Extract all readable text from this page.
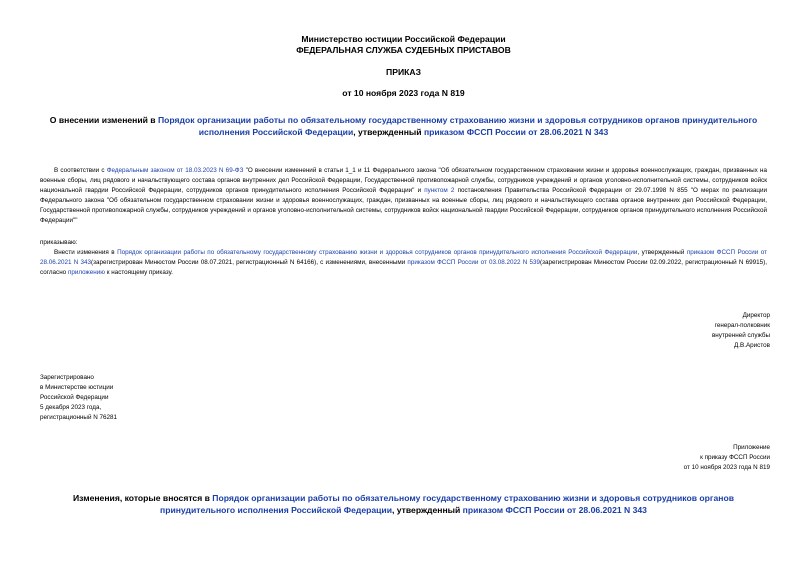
Министерство юстиции Российской Федерации
ФЕДЕРАЛЬНАЯ СЛУЖБА СУДЕБНЫХ ПРИСТАВОВ
ПРИКАЗ
от 10 ноября 2023 года N 819
О внесении изменений в Порядок организации работы по обязательному государственному страхованию жизни и здоровья сотрудников органов принудительного исполнения Российской Федерации, утвержденный приказом ФССП России от 28.06.2021 N 343
В соответствии с Федеральным законом от 18.03.2023 N 69-ФЗ "О внесении изменений в статьи 1_1 и 11 Федерального закона "Об обязательном государственном страховании жизни и здоровья военнослужащих, граждан, призванных на военные сборы, лиц рядового и начальствующего состава органов внутренних дел Российской Федерации, Государственной противопожарной службы, сотрудников учреждений и органов уголовно-исполнительной системы, сотрудников войск национальной гвардии Российской Федерации, сотрудников органов принудительного исполнения Российской Федерации" и пунктом 2 постановления Правительства Российской Федерации от 29.07.1998 N 855 "О мерах по реализации Федерального закона "Об обязательном государственном страховании жизни и здоровья военнослужащих, граждан, призванных на военные сборы, лиц рядового и начальствующего состава органов внутренних дел Российской Федерации, Государственной противопожарной службы, сотрудников учреждений и органов уголовно-исполнительной системы, сотрудников войск национальной гвардии Российской Федерации, сотрудников органов принудительного исполнения Российской Федерации""
приказываю:
Внести изменения в Порядок организации работы по обязательному государственному страхованию жизни и здоровья сотрудников органов принудительного исполнения Российской Федерации, утвержденный приказом ФССП России от 28.06.2021 N 343(зарегистрирован Минюстом России 08.07.2021, регистрационный N 64166), с изменениями, внесенными приказом ФССП России от 03.08.2022 N 539(зарегистрирован Минюстом России 02.09.2022, регистрационный N 69915), согласно приложению к настоящему приказу.
Директор
генерал-полковник
внутренней службы
Д.В.Аристов
Зарегистрировано
в Министерстве юстиции
Российской Федерации
5 декабря 2023 года,
регистрационный N 76281
Приложение
к приказу ФССП России
от 10 ноября 2023 года N 819
Изменения, которые вносятся в Порядок организации работы по обязательному государственному страхованию жизни и здоровья сотрудников органов принудительного исполнения Российской Федерации, утвержденный приказом ФССП России от 28.06.2021 N 343
